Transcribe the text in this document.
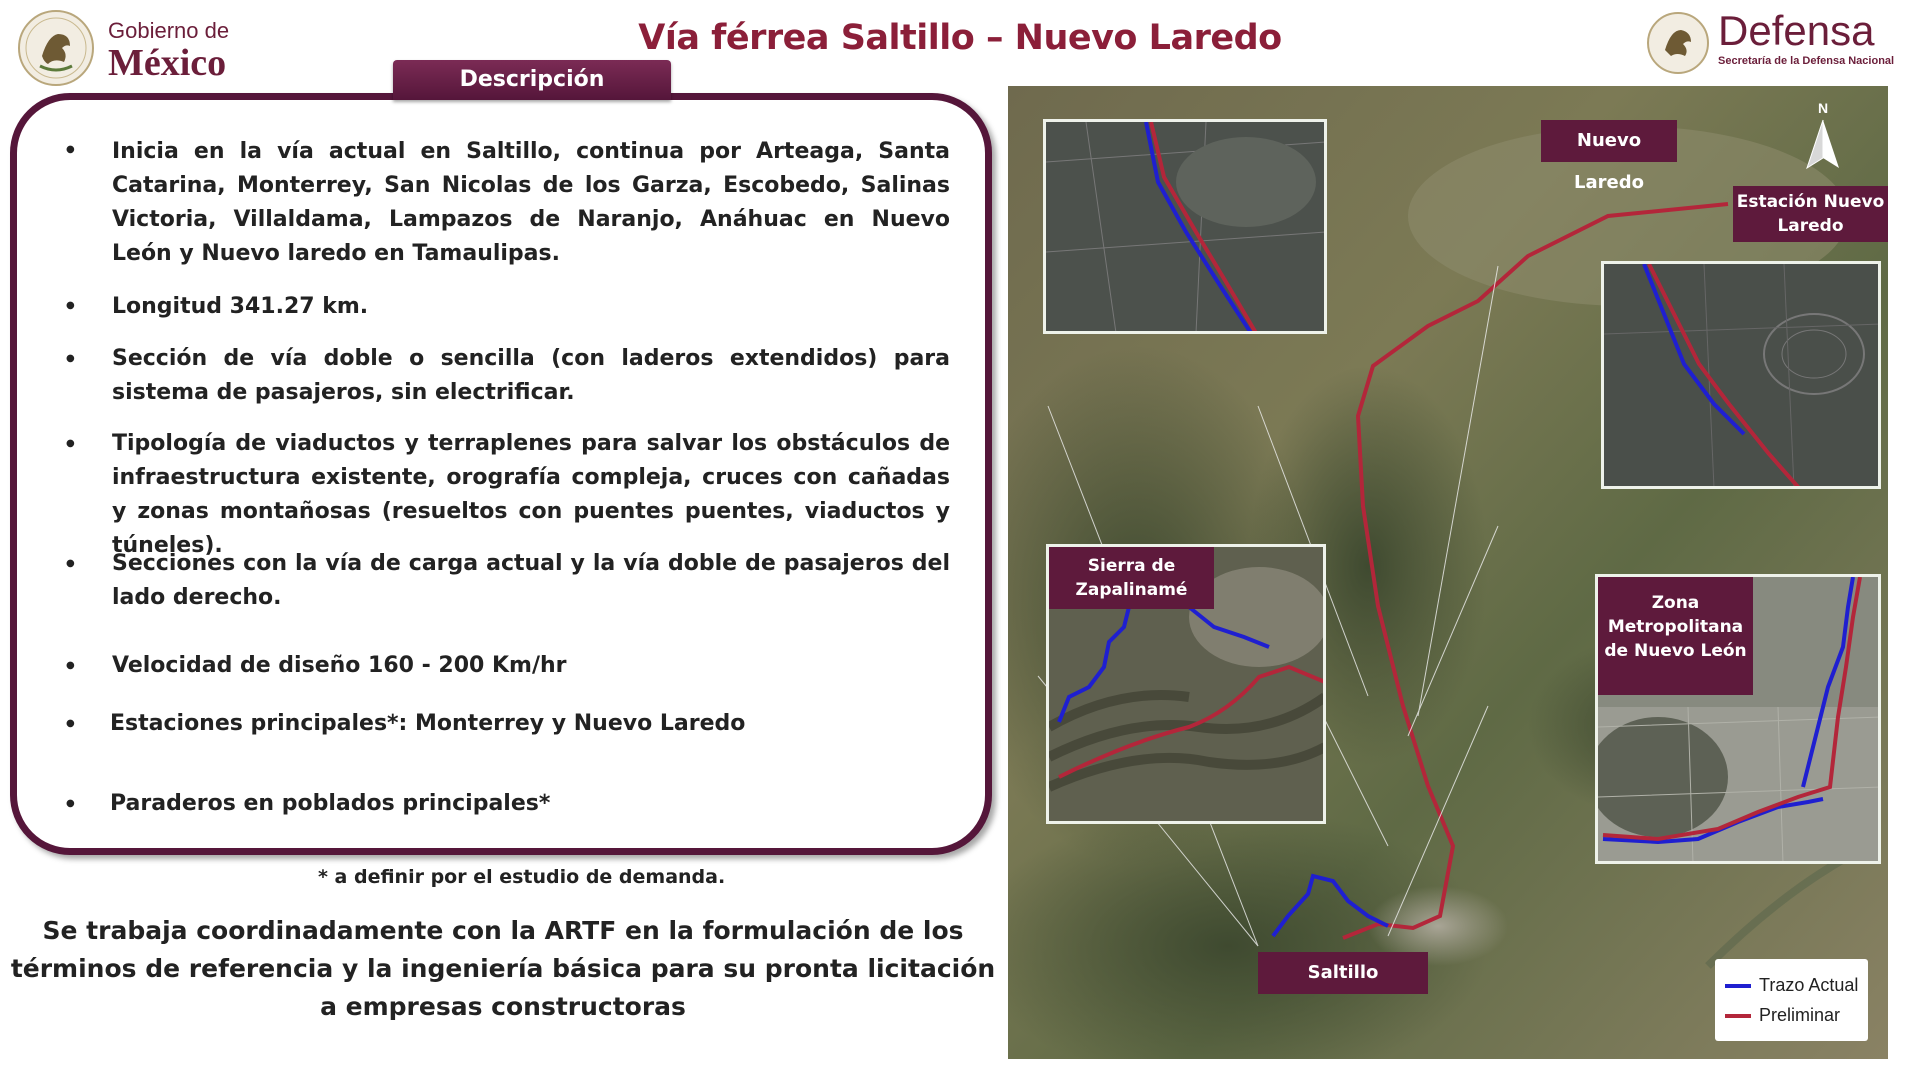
Gobierno de
México
Vía férrea Saltillo – Nuevo Laredo	Defensa
Secretaría de la Defensa Nacional
Descripción
● Inicia en la vía actual en Saltillo, continua por Arteaga, Santa Catarina, Monterrey, San Nicolas de los Garza, Escobedo, Salinas Victoria, Villaldama, Lampazos de Naranjo, Anáhuac en Nuevo León y Nuevo laredo en Tamaulipas.
● Longitud 341.27 km.
● Sección de vía doble o sencilla (con laderos extendidos) para sistema de pasajeros, sin electrificar.
● Tipología de viaductos y terraplenes para salvar los obstáculos de infraestructura existente, orografía compleja, cruces con cañadas y zonas montañosas (resueltos con puentes puentes, viaductos y túneles).
● Secciones con la vía de carga actual y la vía doble de pasajeros del lado derecho.
● Velocidad de diseño 160 - 200 Km/hr
● Estaciones principales*: Monterrey y Nuevo Laredo
● Paraderos en poblados principales*
* a definir por el estudio de demanda.
Se trabaja coordinadamente con la ARTF en la formulación de los términos de referencia y la ingeniería básica para su pronta licitación a empresas constructoras
Sierra de
Zapalinamé
Zona
Metropolitana
de Nuevo León
Nuevo Laredo
Estación Nuevo
Laredo
Saltillo
N
Trazo Actual
Preliminar
